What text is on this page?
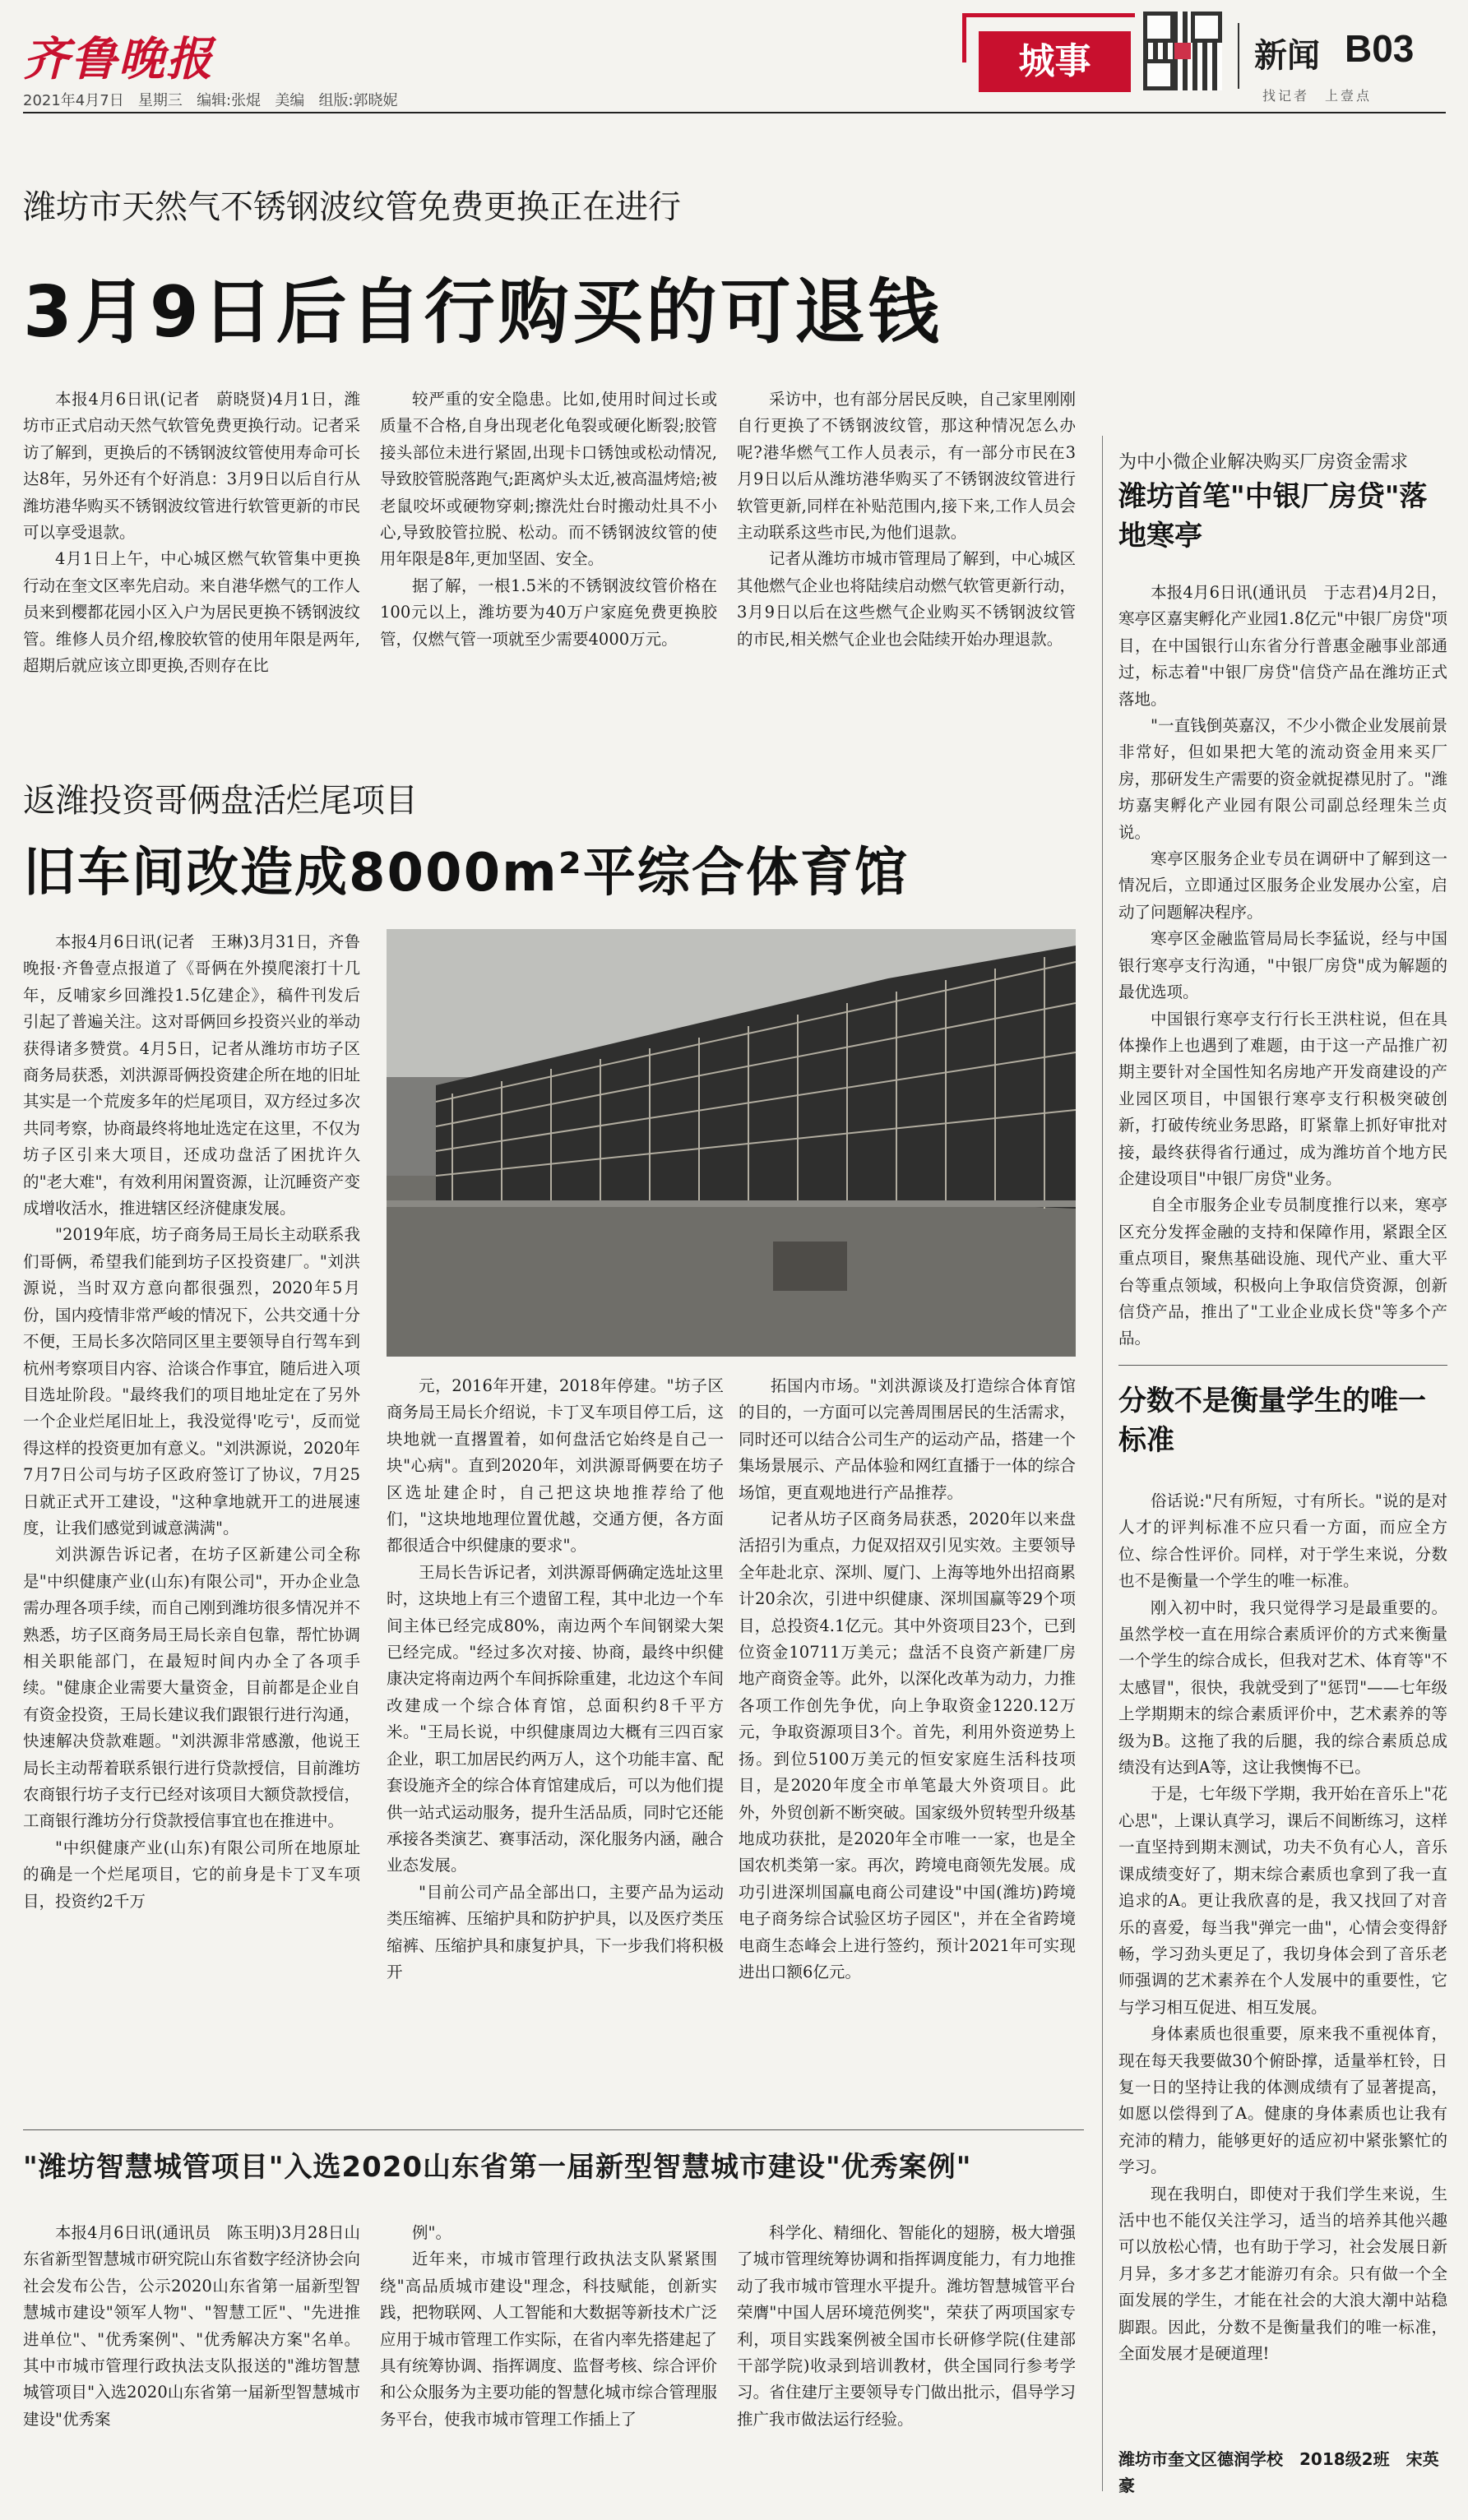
齐鲁晚报
2021年4月7日 星期三 编辑:张焜 美编 组版:郭晓妮
城事	新闻 B03
找记者　上壹点
潍坊市天然气不锈钢波纹管免费更换正在进行
3月9日后自行购买的可退钱

本报4月6日讯(记者　蔚晓贤)4月1日，潍坊市正式启动天然气软管免费更换行动。记者采访了解到，更换后的不锈钢波纹管使用寿命可长达8年，另外还有个好消息：3月9日以后自行从潍坊港华购买不锈钢波纹管进行软管更新的市民可以享受退款。

4月1日上午，中心城区燃气软管集中更换行动在奎文区率先启动。来自港华燃气的工作人员来到樱都花园小区入户为居民更换不锈钢波纹管。维修人员介绍,橡胶软管的使用年限是两年,超期后就应该立即更换,否则存在比

较严重的安全隐患。比如,使用时间过长或质量不合格,自身出现老化龟裂或硬化断裂;胶管接头部位未进行紧固,出现卡口锈蚀或松动情况,导致胶管脱落跑气;距离炉头太近,被高温烤焙;被老鼠咬坏或硬物穿刺;擦洗灶台时搬动灶具不小心,导致胶管拉脱、松动。而不锈钢波纹管的使用年限是8年,更加坚固、安全。

据了解，一根1.5米的不锈钢波纹管价格在100元以上，潍坊要为40万户家庭免费更换胶管，仅燃气管一项就至少需要4000万元。

采访中，也有部分居民反映，自己家里刚刚自行更换了不锈钢波纹管，那这种情况怎么办呢?港华燃气工作人员表示，有一部分市民在3月9日以后从潍坊港华购买了不锈钢波纹管进行软管更新,同样在补贴范围内,接下来,工作人员会主动联系这些市民,为他们退款。

记者从潍坊市城市管理局了解到，中心城区其他燃气企业也将陆续启动燃气软管更新行动，3月9日以后在这些燃气企业购买不锈钢波纹管的市民,相关燃气企业也会陆续开始办理退款。

返潍投资哥俩盘活烂尾项目
旧车间改造成8000m²平综合体育馆

本报4月6日讯(记者　王琳)3月31日，齐鲁晚报·齐鲁壹点报道了《哥俩在外摸爬滚打十几年，反哺家乡回潍投1.5亿建企》，稿件刊发后引起了普遍关注。这对哥俩回乡投资兴业的举动获得诸多赞赏。4月5日，记者从潍坊市坊子区商务局获悉，刘洪源哥俩投资建企所在地的旧址其实是一个荒废多年的烂尾项目，双方经过多次共同考察，协商最终将地址选定在这里，不仅为坊子区引来大项目，还成功盘活了困扰许久的"老大难"，有效利用闲置资源，让沉睡资产变成增收活水，推进辖区经济健康发展。

"2019年底，坊子商务局王局长主动联系我们哥俩，希望我们能到坊子区投资建厂。"刘洪源说，当时双方意向都很强烈，2020年5月份，国内疫情非常严峻的情况下，公共交通十分不便，王局长多次陪同区里主要领导自行驾车到杭州考察项目内容、洽谈合作事宜，随后进入项目选址阶段。"最终我们的项目地址定在了另外一个企业烂尾旧址上，我没觉得'吃亏'，反而觉得这样的投资更加有意义。"刘洪源说，2020年7月7日公司与坊子区政府签订了协议，7月25日就正式开工建设，"这种拿地就开工的进展速度，让我们感觉到诚意满满"。

刘洪源告诉记者，在坊子区新建公司全称是"中织健康产业(山东)有限公司"，开办企业急需办理各项手续，而自己刚到潍坊很多情况并不熟悉，坊子区商务局王局长亲自包靠，帮忙协调相关职能部门，在最短时间内办全了各项手续。"健康企业需要大量资金，目前都是企业自有资金投资，王局长建议我们跟银行进行沟通，快速解决贷款难题。"刘洪源非常感激，他说王局长主动帮着联系银行进行贷款授信，目前潍坊农商银行坊子支行已经对该项目大额贷款授信，工商银行潍坊分行贷款授信事宜也在推进中。

"中织健康产业(山东)有限公司所在地原址的确是一个烂尾项目，它的前身是卡丁叉车项目，投资约2千万

元，2016年开建，2018年停建。"坊子区商务局王局长介绍说，卡丁叉车项目停工后，这块地就一直撂置着，如何盘活它始终是自己一块"心病"。直到2020年，刘洪源哥俩要在坊子区选址建企时，自己把这块地推荐给了他们，"这块地地理位置优越，交通方便，各方面都很适合中织健康的要求"。

王局长告诉记者，刘洪源哥俩确定选址这里时，这块地上有三个遗留工程，其中北边一个车间主体已经完成80%，南边两个车间钢梁大架已经完成。"经过多次对接、协商，最终中织健康决定将南边两个车间拆除重建，北边这个车间改建成一个综合体育馆，总面积约8千平方米。"王局长说，中织健康周边大概有三四百家企业，职工加居民约两万人，这个功能丰富、配套设施齐全的综合体育馆建成后，可以为他们提供一站式运动服务，提升生活品质，同时它还能承接各类演艺、赛事活动，深化服务内涵，融合业态发展。

"目前公司产品全部出口，主要产品为运动类压缩裤、压缩护具和防护护具，以及医疗类压缩裤、压缩护具和康复护具，下一步我们将积极开

拓国内市场。"刘洪源谈及打造综合体育馆的目的，一方面可以完善周围居民的生活需求，同时还可以结合公司生产的运动产品，搭建一个集场景展示、产品体验和网红直播于一体的综合场馆，更直观地进行产品推荐。

记者从坊子区商务局获悉，2020年以来盘活招引为重点，力促双招双引见实效。主要领导全年赴北京、深圳、厦门、上海等地外出招商累计20余次，引进中织健康、深圳国赢等29个项目，总投资4.1亿元。其中外资项目23个，已到位资金10711万美元；盘活不良资产新建厂房地产商资金等。此外，以深化改革为动力，力推各项工作创先争优，向上争取资金1220.12万元，争取资源项目3个。首先，利用外资逆势上扬。到位5100万美元的恒安家庭生活科技项目，是2020年度全市单笔最大外资项目。此外，外贸创新不断突破。国家级外贸转型升级基地成功获批，是2020年全市唯一一家，也是全国农机类第一家。再次，跨境电商领先发展。成功引进深圳国赢电商公司建设"中国(潍坊)跨境电子商务综合试验区坊子园区"，并在全省跨境电商生态峰会上进行签约，预计2021年可实现进出口额6亿元。

"潍坊智慧城管项目"入选2020山东省第一届新型智慧城市建设"优秀案例"

本报4月6日讯(通讯员　陈玉明)3月28日山东省新型智慧城市研究院山东省数字经济协会向社会发布公告，公示2020山东省第一届新型智慧城市建设"领军人物"、"智慧工匠"、"先进推进单位"、"优秀案例"、"优秀解决方案"名单。其中市城市管理行政执法支队报送的"潍坊智慧城管项目"入选2020山东省第一届新型智慧城市建设"优秀案

例"。

近年来，市城市管理行政执法支队紧紧围绕"高品质城市建设"理念，科技赋能，创新实践，把物联网、人工智能和大数据等新技术广泛应用于城市管理工作实际，在省内率先搭建起了具有统筹协调、指挥调度、监督考核、综合评价和公众服务为主要功能的智慧化城市综合管理服务平台，使我市城市管理工作插上了

科学化、精细化、智能化的翅膀，极大增强了城市管理统筹协调和指挥调度能力，有力地推动了我市城市管理水平提升。潍坊智慧城管平台荣膺"中国人居环境范例奖"，荣获了两项国家专利，项目实践案例被全国市长研修学院(住建部干部学院)收录到培训教材，供全国同行参考学习。省住建厅主要领导专门做出批示，倡导学习推广我市做法运行经验。

为中小微企业解决购买厂房资金需求
潍坊首笔"中银厂房贷"落地寒亭

本报4月6日讯(通讯员　于志君)4月2日，寒亭区嘉実孵化产业园1.8亿元"中银厂房贷"项目，在中国银行山东省分行普惠金融事业部通过，标志着"中银厂房贷"信贷产品在潍坊正式落地。

"一直钱倒英嘉汉，不少小微企业发展前景非常好，但如果把大笔的流动资金用来买厂房，那研发生产需要的资金就捉襟见肘了。"潍坊嘉実孵化产业园有限公司副总经理朱兰贞说。

寒亭区服务企业专员在调研中了解到这一情况后，立即通过区服务企业发展办公室，启动了问题解决程序。

寒亭区金融监管局局长李猛说，经与中国银行寒亭支行沟通，"中银厂房贷"成为解题的最优选项。

中国银行寒亭支行行长王洪柱说，但在具体操作上也遇到了难题，由于这一产品推广初期主要针对全国性知名房地产开发商建设的产业园区项目，中国银行寒亭支行积极突破创新，打破传统业务思路，盯紧靠上抓好审批对接，最终获得省行通过，成为潍坊首个地方民企建设项目"中银厂房贷"业务。

自全市服务企业专员制度推行以来，寒亭区充分发挥金融的支持和保障作用，紧跟全区重点项目，聚焦基础设施、现代产业、重大平台等重点领域，积极向上争取信贷资源，创新信贷产品，推出了"工业企业成长贷"等多个产品。

分数不是衡量学生的唯一标准

俗话说:"尺有所短，寸有所长。"说的是对人才的评判标准不应只看一方面，而应全方位、综合性评价。同样，对于学生来说，分数也不是衡量一个学生的唯一标准。

刚入初中时，我只觉得学习是最重要的。虽然学校一直在用综合素质评价的方式来衡量一个学生的综合成长，但我对艺术、体育等"不太感冒"，很快，我就受到了"惩罚"——七年级上学期期末的综合素质评价中，艺术素养的等级为B。这拖了我的后腿，我的综合素质总成绩没有达到A等，这让我懊悔不已。

于是，七年级下学期，我开始在音乐上"花心思"，上课认真学习，课后不间断练习，这样一直坚持到期末测试，功夫不负有心人，音乐课成绩变好了，期末综合素质也拿到了我一直追求的A。更让我欣喜的是，我又找回了对音乐的喜爱，每当我"弹完一曲"，心情会变得舒畅，学习劲头更足了，我切身体会到了音乐老师强调的艺术素养在个人发展中的重要性，它与学习相互促进、相互发展。

身体素质也很重要，原来我不重视体育，现在每天我要做30个俯卧撑，适量举杠铃，日复一日的坚持让我的体测成绩有了显著提高，如愿以偿得到了A。健康的身体素质也让我有充沛的精力，能够更好的适应初中紧张繁忙的学习。

现在我明白，即使对于我们学生来说，生活中也不能仅关注学习，适当的培养其他兴趣可以放松心情，也有助于学习，社会发展日新月异，多才多艺才能游刃有余。只有做一个全面发展的学生，才能在社会的大浪大潮中站稳脚跟。因此，分数不是衡量我们的唯一标准，全面发展才是硬道理!

潍坊市奎文区德润学校　2018级2班　宋英豪
